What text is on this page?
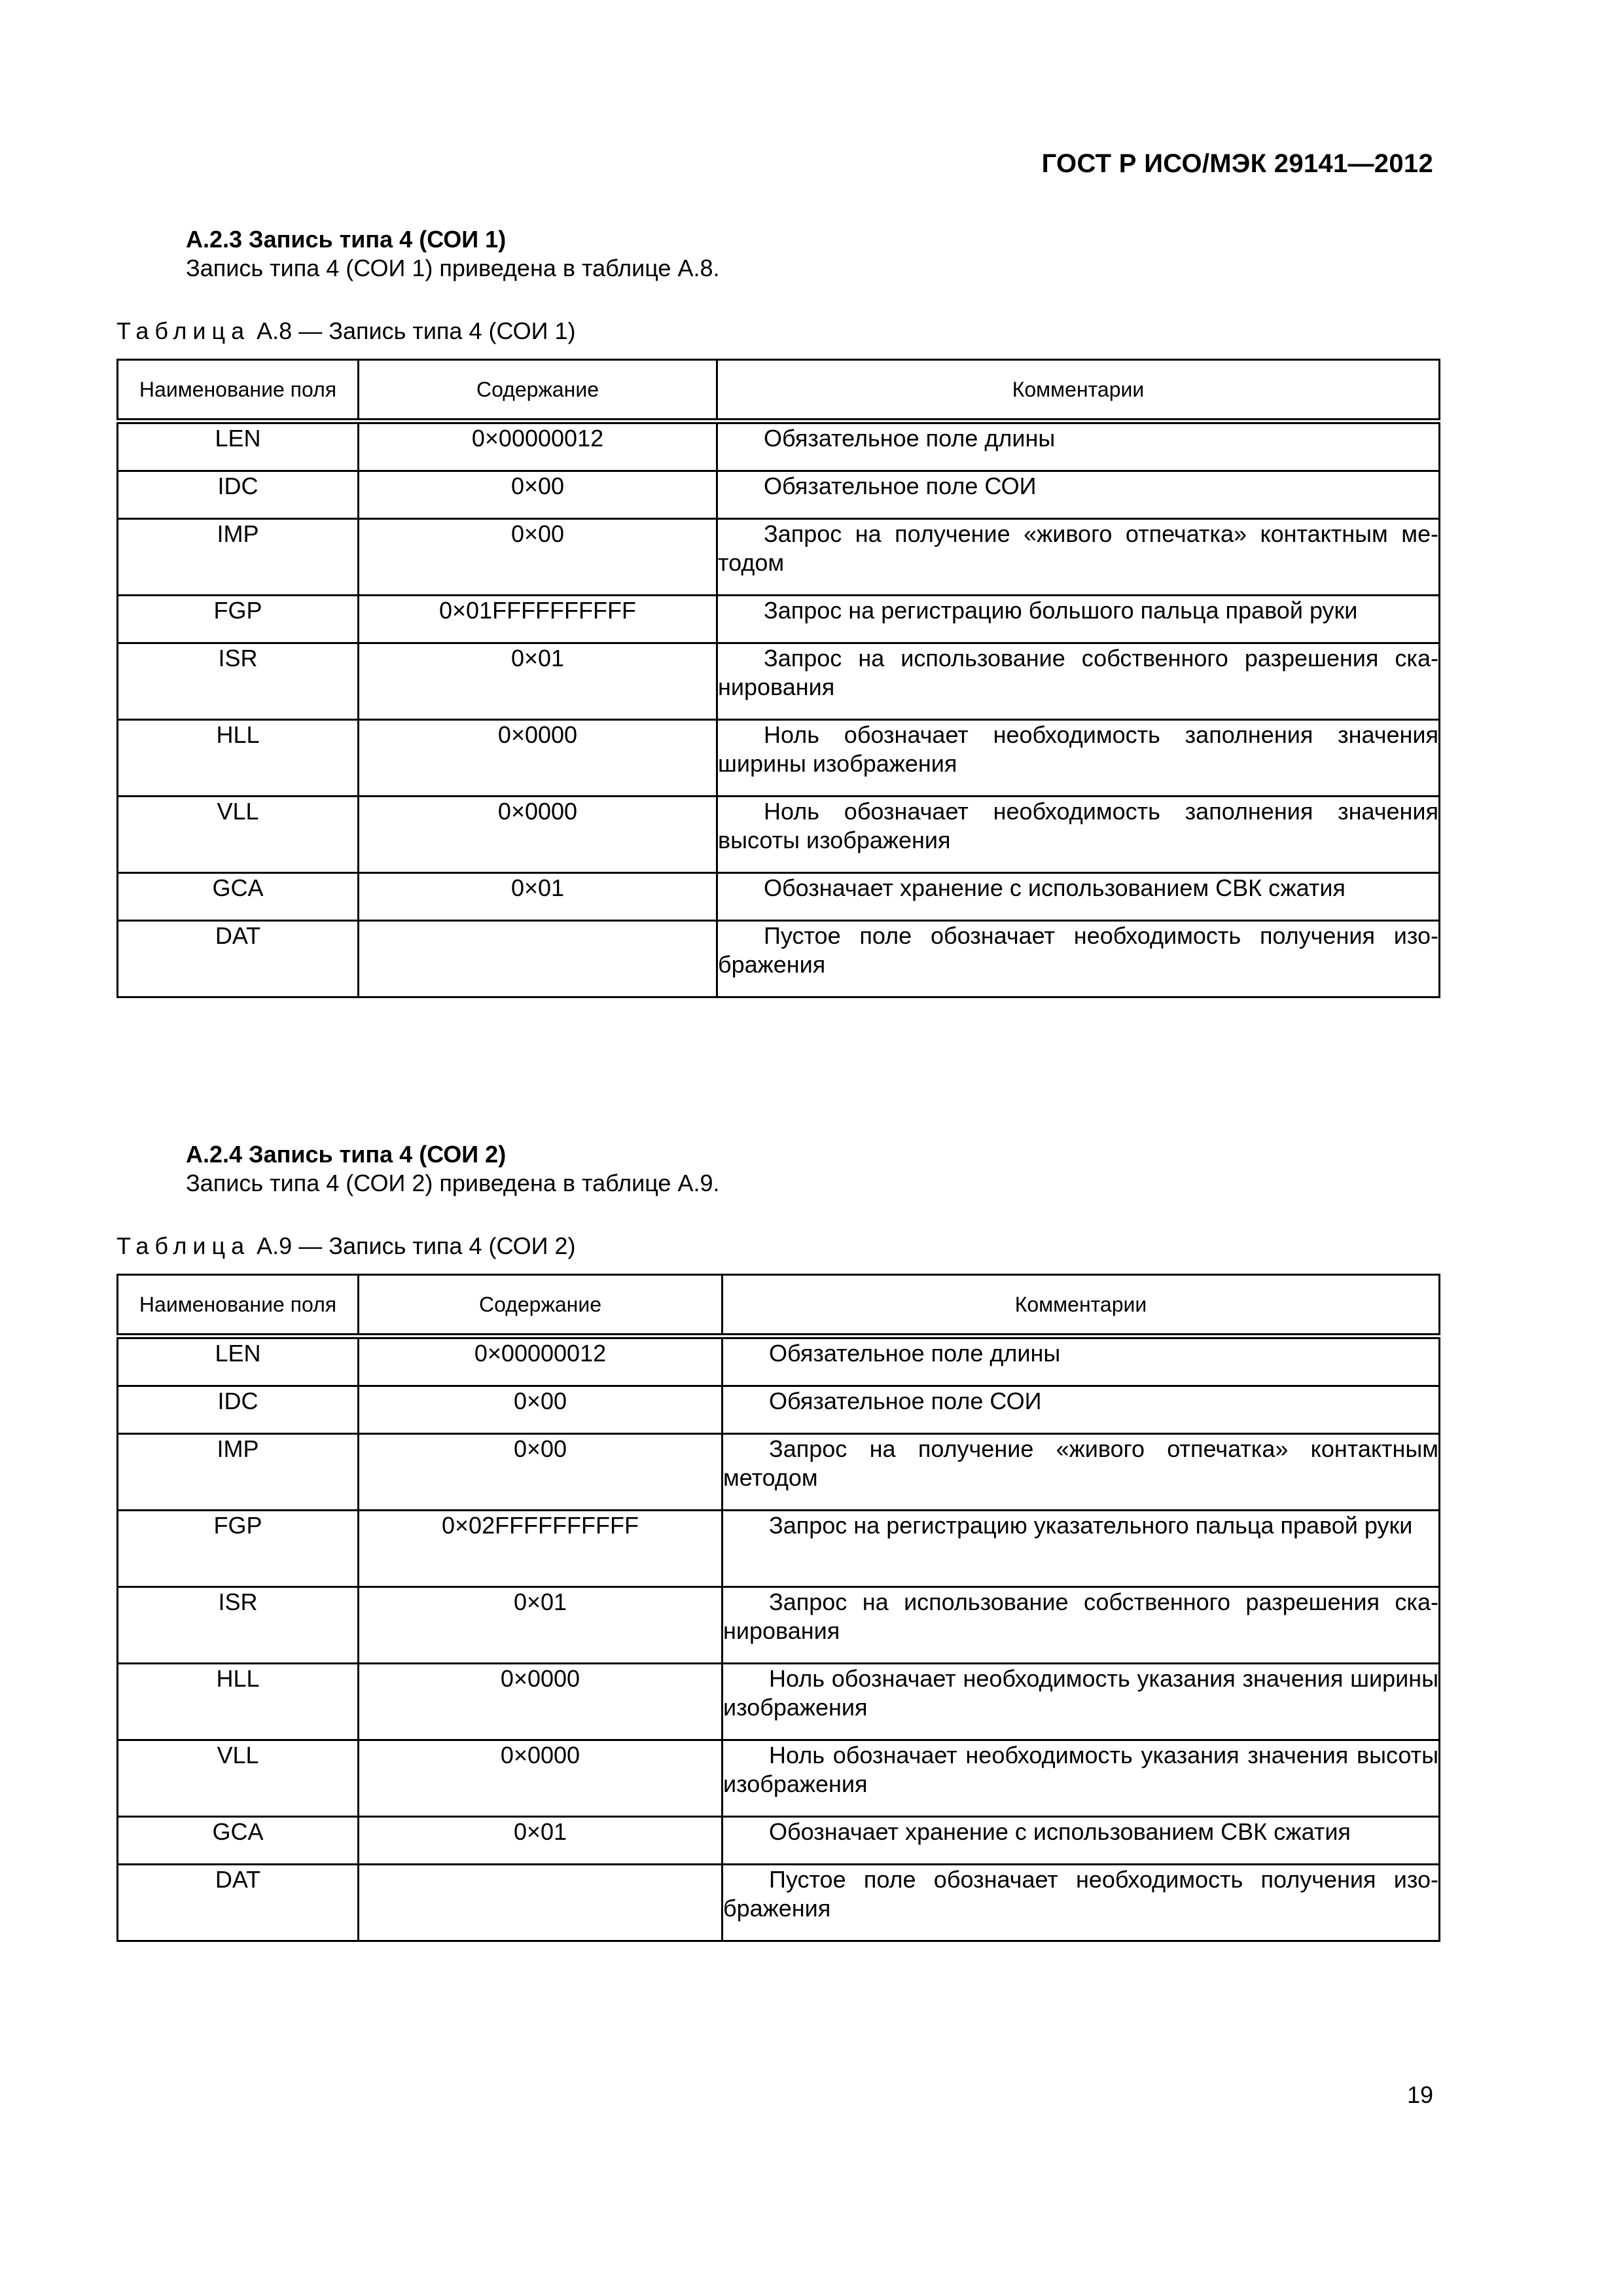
ГОСТ Р ИСО/МЭК 29141—2012
А.2.3 Запись типа 4 (СОИ 1)
Запись типа 4 (СОИ 1) приведена в таблице А.8.
Таблица А.8 — Запись типа 4 (СОИ 1)
Наименование поля	Содержание	Комментарии
LEN	0×00000012	Обязательное поле длины
IDC	0×00	Обязательное поле СОИ
IMP	0×00	Запрос на получение «живого отпечатка» контактным методом
FGP	0×01FFFFFFFFFF	Запрос на регистрацию большого пальца правой руки
ISR	0×01	Запрос на использование собственного разрешения сканирования
HLL	0×0000	Ноль обозначает необходимость заполнения значения ширины изображения
VLL	0×0000	Ноль обозначает необходимость заполнения значения высоты изображения
GCA	0×01	Обозначает хранение с использованием СВК сжатия
DAT		Пустое поле обозначает необходимость получения изображения
А.2.4 Запись типа 4 (СОИ 2)
Запись типа 4 (СОИ 2) приведена в таблице А.9.
Таблица А.9 — Запись типа 4 (СОИ 2)
Наименование поля	Содержание	Комментарии
LEN	0×00000012	Обязательное поле длины
IDC	0×00	Обязательное поле СОИ
IMP	0×00	Запрос на получение «живого отпечатка» контактным методом
FGP	0×02FFFFFFFFFF	Запрос на регистрацию указательного пальца правой руки
ISR	0×01	Запрос на использование собственного разрешения сканирования
HLL	0×0000	Ноль обозначает необходимость указания значения ширины изображения
VLL	0×0000	Ноль обозначает необходимость указания значения высоты изображения
GCA	0×01	Обозначает хранение с использованием СВК сжатия
DAT		Пустое поле обозначает необходимость получения изображения
19
